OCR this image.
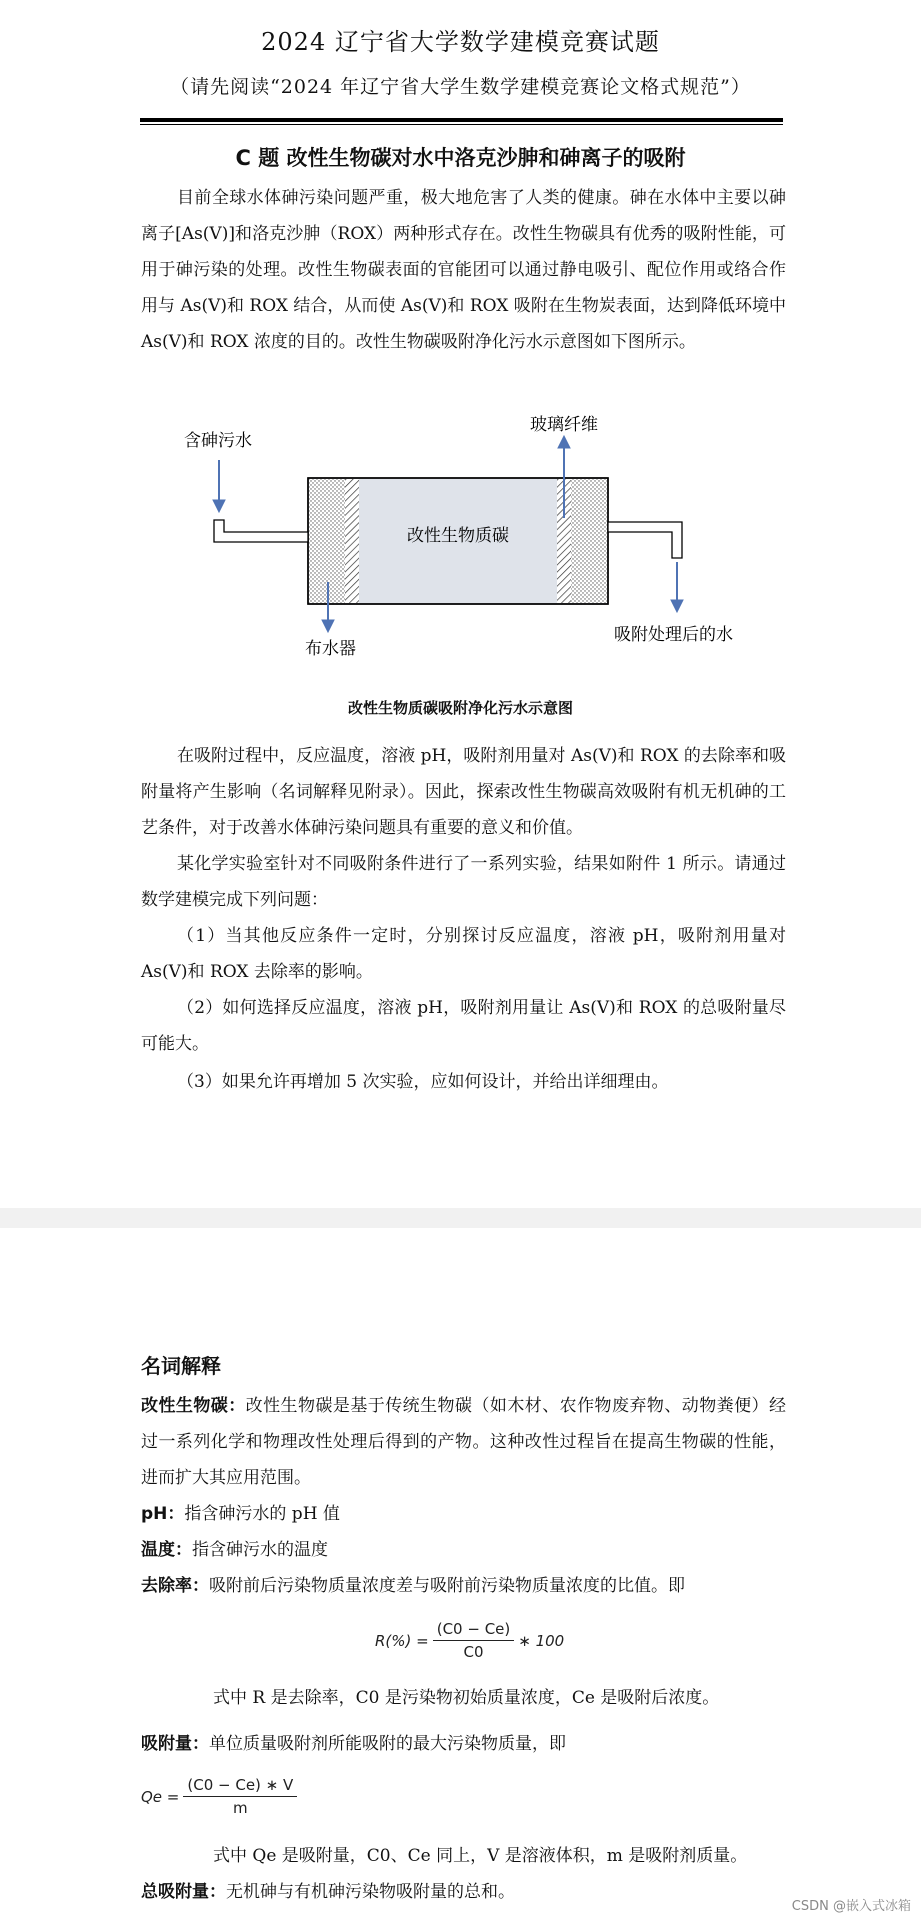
2024 辽宁省大学数学建模竞赛试题
（请先阅读“2024 年辽宁省大学生数学建模竞赛论文格式规范”）
C 题 改性生物碳对水中洛克沙胂和砷离子的吸附

目前全球水体砷污染问题严重，极大地危害了人类的健康。砷在水体中主要以砷离子[As(V)]和洛克沙胂（ROX）两种形式存在。改性生物碳具有优秀的吸附性能，可用于砷污染的处理。改性生物碳表面的官能团可以通过静电吸引、配位作用或络合作用与 As(V)和 ROX 结合，从而使 As(V)和 ROX 吸附在生物炭表面，达到降低环境中 As(V)和 ROX 浓度的目的。改性生物碳吸附净化污水示意图如下图所示。

含砷污水
玻璃纤维
改性生物质碳
布水器
吸附处理后的水
改性生物质碳吸附净化污水示意图

在吸附过程中，反应温度，溶液 pH，吸附剂用量对 As(V)和 ROX 的去除率和吸附量将产生影响（名词解释见附录）。因此，探索改性生物碳高效吸附有机无机砷的工艺条件，对于改善水体砷污染问题具有重要的意义和价值。

某化学实验室针对不同吸附条件进行了一系列实验，结果如附件 1 所示。请通过数学建模完成下列问题：

（1）当其他反应条件一定时，分别探讨反应温度，溶液 pH，吸附剂用量对 As(V)和 ROX 去除率的影响。

（2）如何选择反应温度，溶液 pH，吸附剂用量让 As(V)和 ROX 的总吸附量尽可能大。

（3）如果允许再增加 5 次实验，应如何设计，并给出详细理由。

名词解释

改性生物碳：改性生物碳是基于传统生物碳（如木材、农作物废弃物、动物粪便）经过一系列化学和物理改性处理后得到的产物。这种改性过程旨在提高生物碳的性能，进而扩大其应用范围。

pH：指含砷污水的 pH 值

温度：指含砷污水的温度

去除率：吸附前后污染物质量浓度差与吸附前污染物质量浓度的比值。即

$R(\%) = \frac{(C0 - Ce)}{C0}$ ∗ 100

式中 R 是去除率，C0 是污染物初始质量浓度，Ce 是吸附后浓度。

吸附量：单位质量吸附剂所能吸附的最大污染物质量，即

$Qe = \frac{(C0 - Ce) ∗ V}{m}$

式中 Qe 是吸附量，C0、Ce 同上，V 是溶液体积，m 是吸附剂质量。

总吸附量：无机砷与有机砷污染物吸附量的总和。

CSDN @嵌入式冰箱
